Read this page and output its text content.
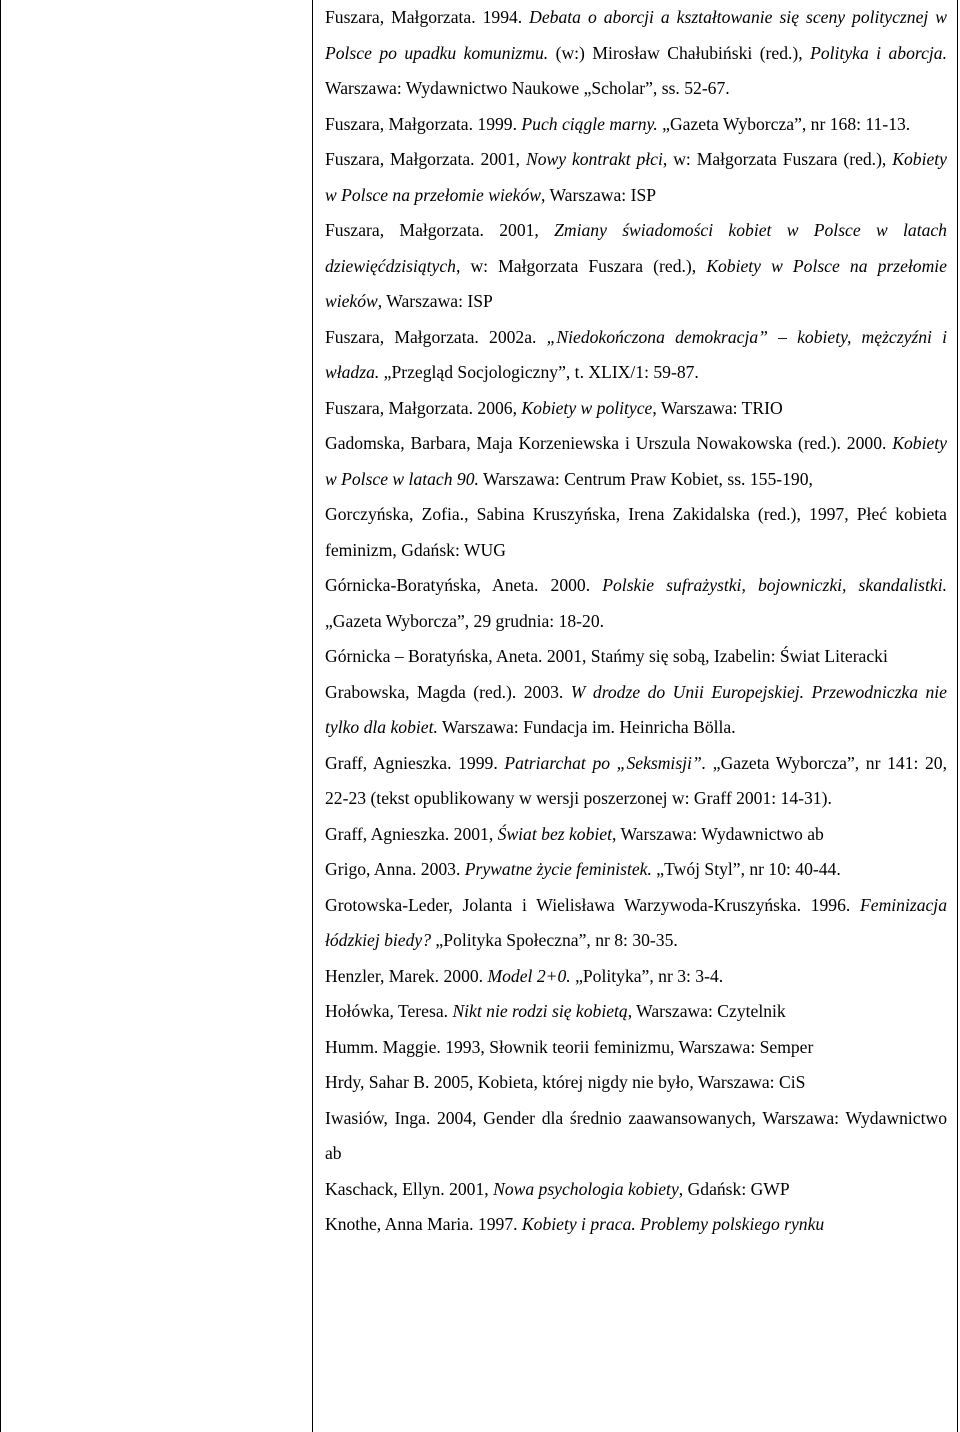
Fuszara, Małgorzata. 1994. Debata o aborcji a kształtowanie się sceny politycznej w Polsce po upadku komunizmu. (w:) Mirosław Chałubiński (red.), Polityka i aborcja. Warszawa: Wydawnictwo Naukowe „Scholar”, ss. 52-67.

Fuszara, Małgorzata. 1999. Puch ciągle marny. „Gazeta Wyborcza”, nr 168: 11-13.

Fuszara, Małgorzata. 2001, Nowy kontrakt płci, w: Małgorzata Fuszara (red.), Kobiety w Polsce na przełomie wieków, Warszawa: ISP

Fuszara, Małgorzata. 2001, Zmiany świadomości kobiet w Polsce w latach dziewięćdzisiątych, w: Małgorzata Fuszara (red.), Kobiety w Polsce na przełomie wieków, Warszawa: ISP

Fuszara, Małgorzata. 2002a. „Niedokończona demokracja” – kobiety, mężczyźni i władza. „Przegląd Socjologiczny”, t. XLIX/1: 59-87.

Fuszara, Małgorzata. 2006, Kobiety w polityce, Warszawa: TRIO

Gadomska, Barbara, Maja Korzeniewska i Urszula Nowakowska (red.). 2000. Kobiety w Polsce w latach 90. Warszawa: Centrum Praw Kobiet, ss. 155-190,

Gorczyńska, Zofia., Sabina Kruszyńska, Irena Zakidalska (red.), 1997, Płeć kobieta feminizm, Gdańsk: WUG

Górnicka-Boratyńska, Aneta. 2000. Polskie sufrażystki, bojowniczki, skandalistki. „Gazeta Wyborcza”, 29 grudnia: 18-20.

Górnicka – Boratyńska, Aneta. 2001, Stańmy się sobą, Izabelin: Świat Literacki

Grabowska, Magda (red.). 2003. W drodze do Unii Europejskiej. Przewodniczka nie tylko dla kobiet. Warszawa: Fundacja im. Heinricha Bölla.

Graff, Agnieszka. 1999. Patriarchat po „Seksmisji”. „Gazeta Wyborcza”, nr 141: 20, 22-23 (tekst opublikowany w wersji poszerzonej w: Graff 2001: 14-31).

Graff, Agnieszka. 2001, Świat bez kobiet, Warszawa: Wydawnictwo ab

Grigo, Anna. 2003. Prywatne życie feministek. „Twój Styl”, nr 10: 40-44.

Grotowska-Leder, Jolanta i Wielisława Warzywoda-Kruszyńska. 1996. Feminizacja łódzkiej biedy? „Polityka Społeczna”, nr 8: 30-35.

Henzler, Marek. 2000. Model 2+0. „Polityka”, nr 3: 3-4.

Hołówka, Teresa. Nikt nie rodzi się kobietą, Warszawa: Czytelnik

Humm. Maggie. 1993, Słownik teorii feminizmu, Warszawa: Semper

Hrdy, Sahar B. 2005, Kobieta, której nigdy nie było, Warszawa: CiS

Iwasiów, Inga. 2004, Gender dla średnio zaawansowanych, Warszawa: Wydawnictwo ab

Kaschack, Ellyn. 2001, Nowa psychologia kobiety, Gdańsk: GWP

Knothe, Anna Maria. 1997. Kobiety i praca. Problemy polskiego rynku
